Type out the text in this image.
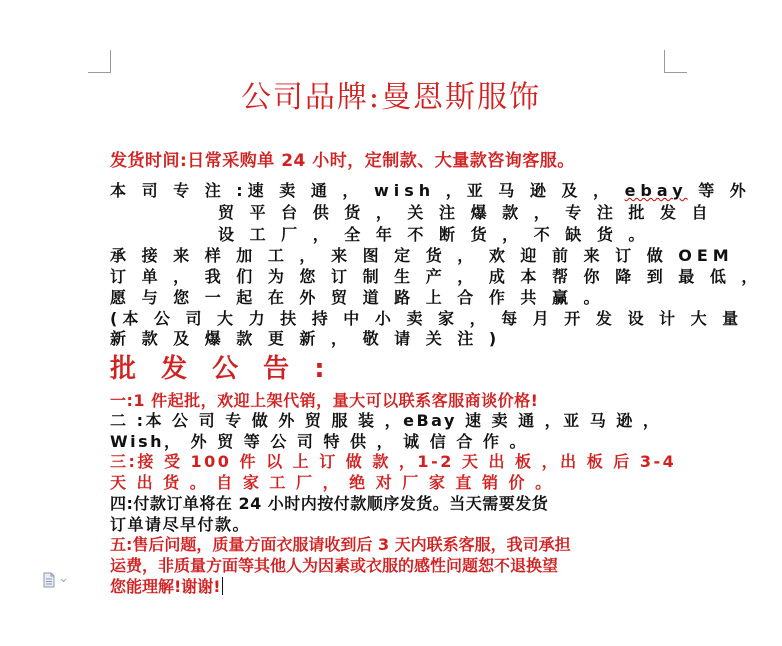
公司品牌:曼恩斯服饰
发货时间:日常采购单 24 小时，定制款、大量款咨询客服。
本 司 专 注 :速 卖 通 ， wish ，亚 马 逊 及 ， ebay 等 外
贸 平 台 供 货 ， 关 注 爆 款 ， 专 注 批 发 自
设 工 厂 ， 全 年 不 断 货 ， 不 缺 货 。
承 接 来 样 加 工 ， 来 图 定 货 ， 欢 迎 前 来 订 做 OEM
订 单 ， 我 们 为 您 订 制 生 产 ， 成 本 帮 你 降 到 最 低 ，
愿 与 您 一 起 在 外 贸 道 路 上 合 作 共 赢 。
(本 公 司 大 力 扶 持 中 小 卖 家 ， 每 月 开 发 设 计 大 量
新 款 及 爆 款 更 新 ， 敬 请 关 注 )
批 发 公 告 :
一:1 件起批，欢迎上架代销，量大可以联系客服商谈价格!
二 :本 公 司 专 做 外 贸 服 装 ，eBay 速 卖 通 ，亚 马 逊 ，
Wish， 外 贸 等 公 司 特 供 ， 诚 信 合 作 。
三:接 受 100 件 以 上 订 做 款 ，1-2 天 出 板 ，出 板 后 3-4
天 出 货 。 自 家 工 厂 ， 绝 对 厂 家 直 销 价 。
四:付款订单将在 24 小时内按付款顺序发货。当天需要发货
订单请尽早付款。
五:售后问题，质量方面衣服请收到后 3 天内联系客服，我司承担
运费，非质量方面等其他人为因素或衣服的感性问题恕不退换望
您能理解!谢谢!
